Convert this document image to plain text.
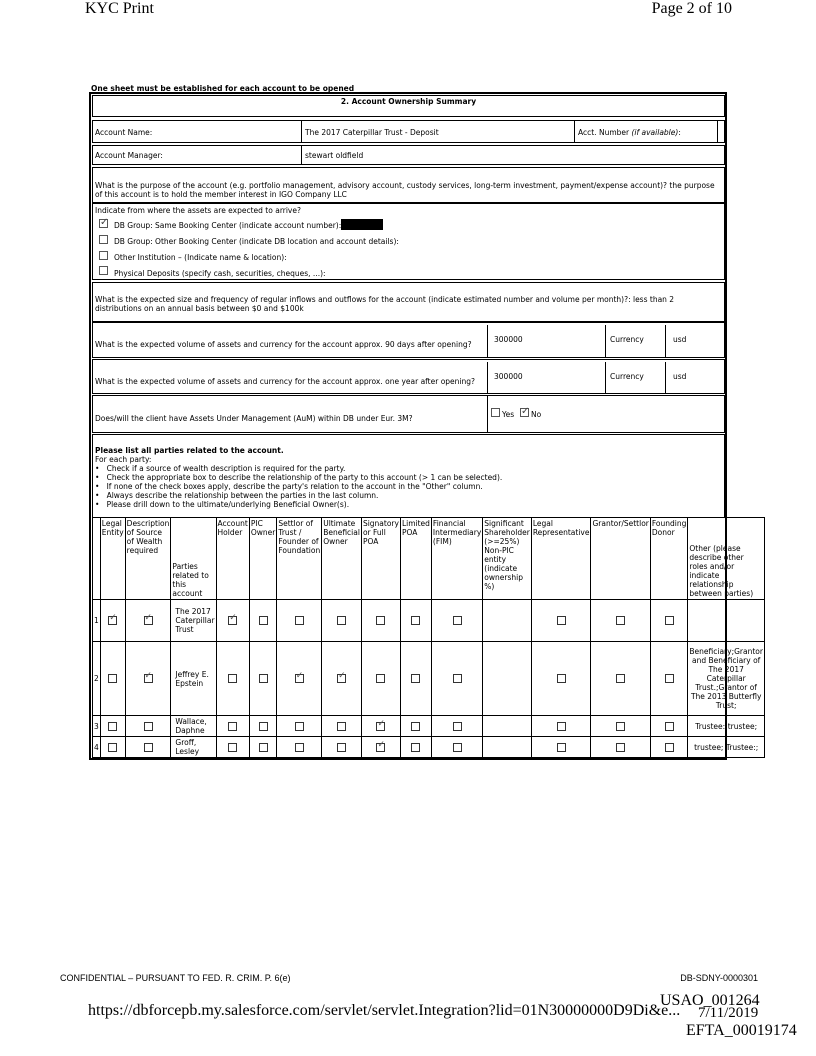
KYC Print	Page 2 of 10
One sheet must be established for each account to be opened
2. Account Ownership Summary
Account Name:	The 2017 Caterpillar Trust - Deposit	Acct. Number (if available):
Account Manager:	stewart oldfield
What is the purpose of the account (e.g. portfolio management, advisory account, custody services, long-term investment, payment/expense account)? the purpose of this account is to hold the member interest in IGO Company LLC
Indicate from where the assets are expected to arrive?
✓
DB Group: Same Booking Center (indicate account number):
DB Group: Other Booking Center (indicate DB location and account details):
Other Institution – (Indicate name & location):
Physical Deposits (specify cash, securities, cheques, ...):
What is the expected size and frequency of regular inflows and outflows for the account (indicate estimated number and volume per month)?: less than 2 distributions on an annual basis between $0 and $100k
What is the expected volume of assets and currency for the account approx. 90 days after opening?
300000	Currency	usd
What is the expected volume of assets and currency for the account approx. one year after opening?
300000	Currency	usd
Does/will the client have Assets Under Management (AuM) within DB under Eur. 3M?	Yes ✓ No
Please list all parties related to the account.
For each party:
•   Check if a source of wealth description is required for the party.
•   Check the appropriate box to describe the relationship of the party to this account (> 1 can be selected).
•   If none of the check boxes apply, describe the party's relation to the account in the "Other" column.
•   Always describe the relationship between the parties in the last column.
•   Please drill down to the ultimate/underlying Beneficial Owner(s).
	Legal Entity	Description of Source of Wealth required	Parties related to this account	Account Holder	PIC Owner	Settlor of Trust / Founder of Foundation	Ultimate Beneficial Owner	Signatory or Full POA	Limited POA	Financial Intermediary (FIM)	Significant Shareholder (>=25%) Non-PIC entity (indicate ownership %)	Legal Representative	Grantor/Settlor	Founding Donor	Other (please describe other roles and/or indicate relationship between parties)
1	✓	✓	The 2017 Caterpillar Trust	✓											
2		✓	Jeffrey E. Epstein			✓	✓								Beneficiary;Grantor and Beneficiary of The 2017 Caterpillar Trust.;Grantor of The 2013 Butterfly Trust;
3			Wallace, Daphne					✓							Trustee:;trustee;
4			Groff, Lesley					✓							trustee; Trustee:;
CONFIDENTIAL – PURSUANT TO FED. R. CRIM. P. 6(e)	DB-SDNY-0000301
https://dbforcepb.my.salesforce.com/servlet/servlet.Integration?lid=01N30000000D9Di&e...
USAO_001264
7/11/2019
EFTA_00019174
